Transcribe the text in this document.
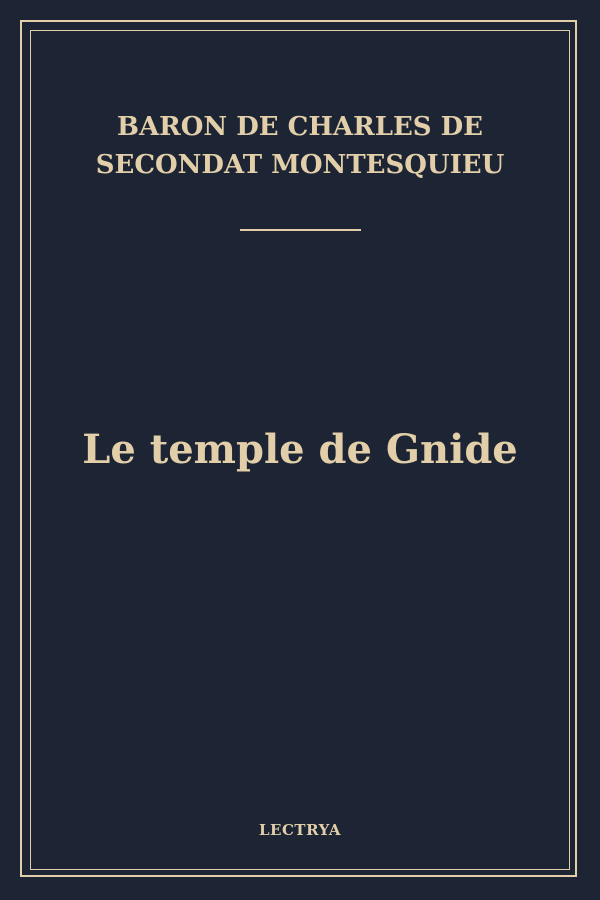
BARON DE CHARLES DE
SECONDAT MONTESQUIEU
Le temple de Gnide
LECTRYA
